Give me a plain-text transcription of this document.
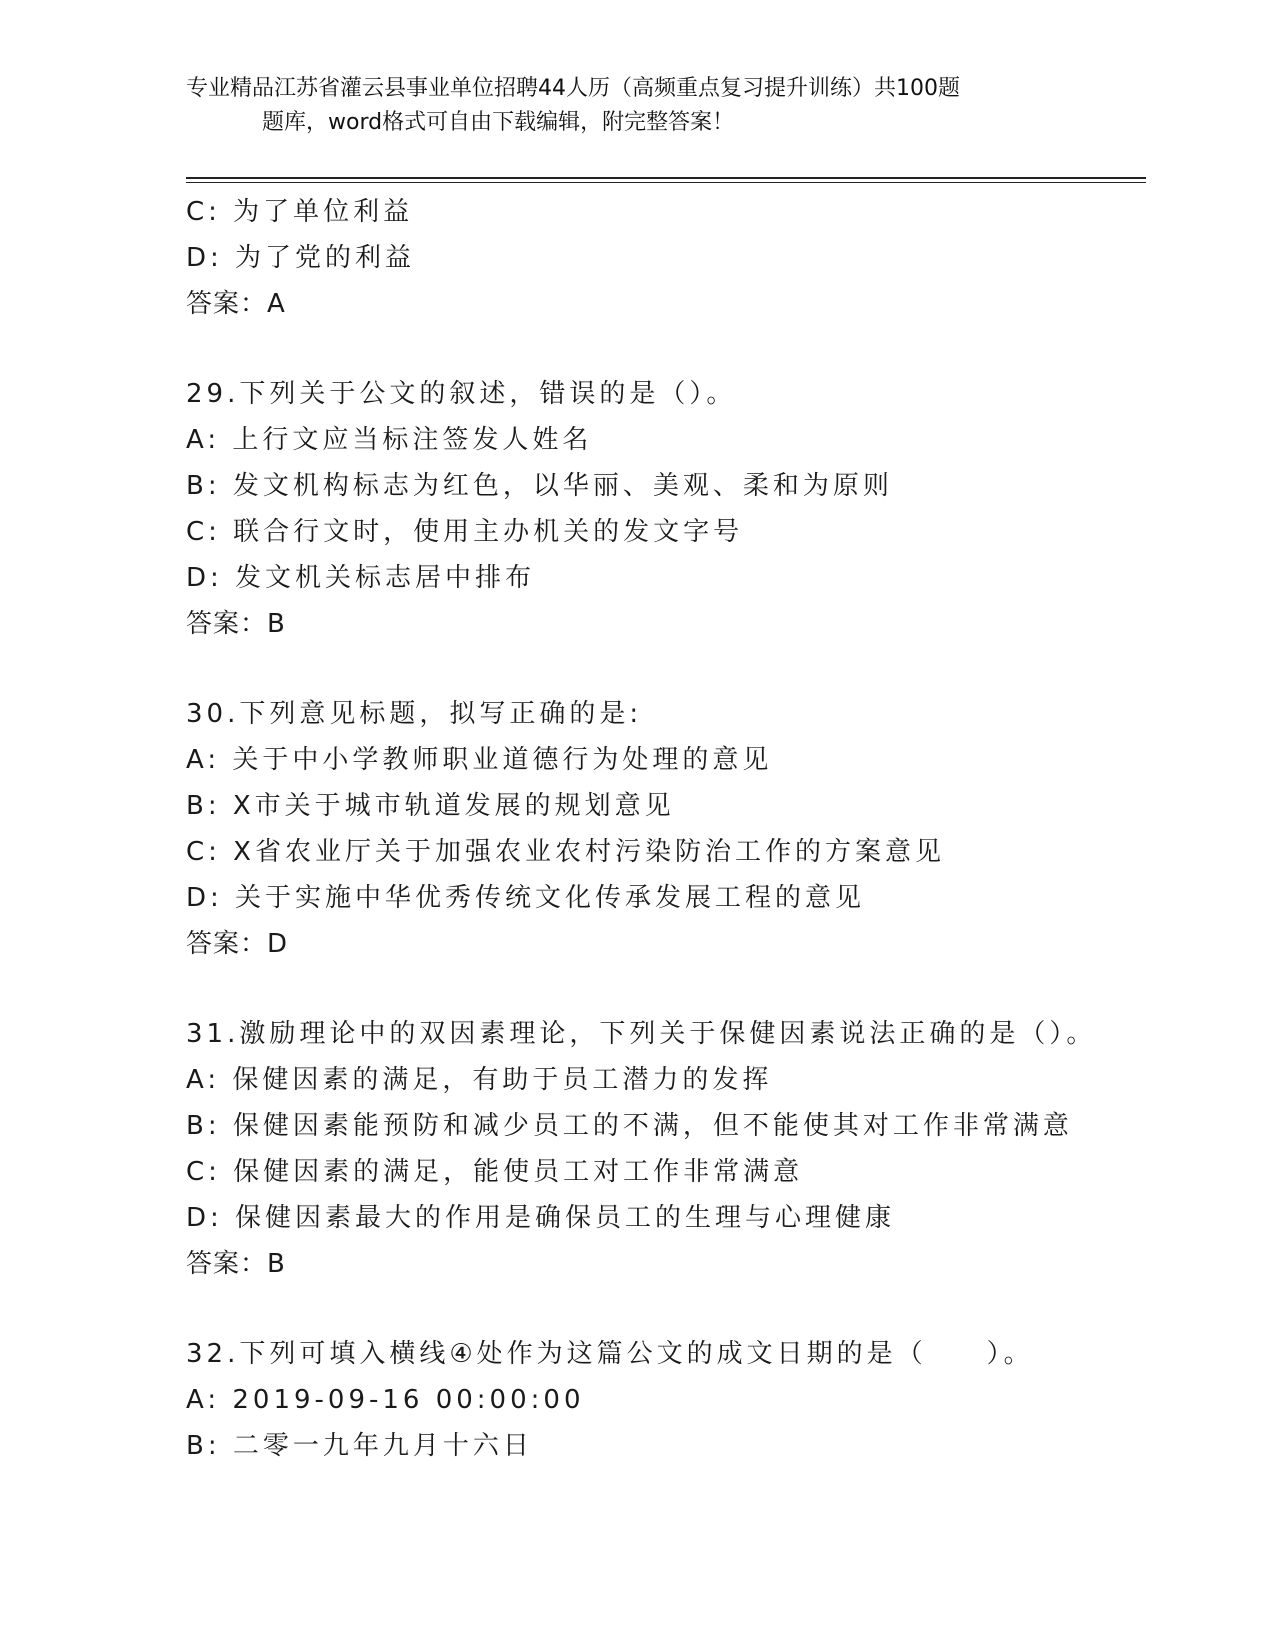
专业精品江苏省灌云县事业单位招聘44人历（高频重点复习提升训练）共100题
题库，word格式可自由下载编辑，附完整答案！
C: 为了单位利益
D: 为了党的利益
答案：A
29.下列关于公文的叙述，错误的是（）。
A: 上行文应当标注签发人姓名
B: 发文机构标志为红色，以华丽、美观、柔和为原则
C: 联合行文时，使用主办机关的发文字号
D: 发文机关标志居中排布
答案：B
30.下列意见标题，拟写正确的是:
A: 关于中小学教师职业道德行为处理的意见
B: X市关于城市轨道发展的规划意见
C: X省农业厅关于加强农业农村污染防治工作的方案意见
D: 关于实施中华优秀传统文化传承发展工程的意见
答案：D
31.激励理论中的双因素理论，下列关于保健因素说法正确的是（）。
A: 保健因素的满足，有助于员工潜力的发挥
B: 保健因素能预防和减少员工的不满，但不能使其对工作非常满意
C: 保健因素的满足，能使员工对工作非常满意
D: 保健因素最大的作用是确保员工的生理与心理健康
答案：B
32.下列可填入横线④处作为这篇公文的成文日期的是（　　）。
A: 2019-09-16 00:00:00
B: 二零一九年九月十六日
